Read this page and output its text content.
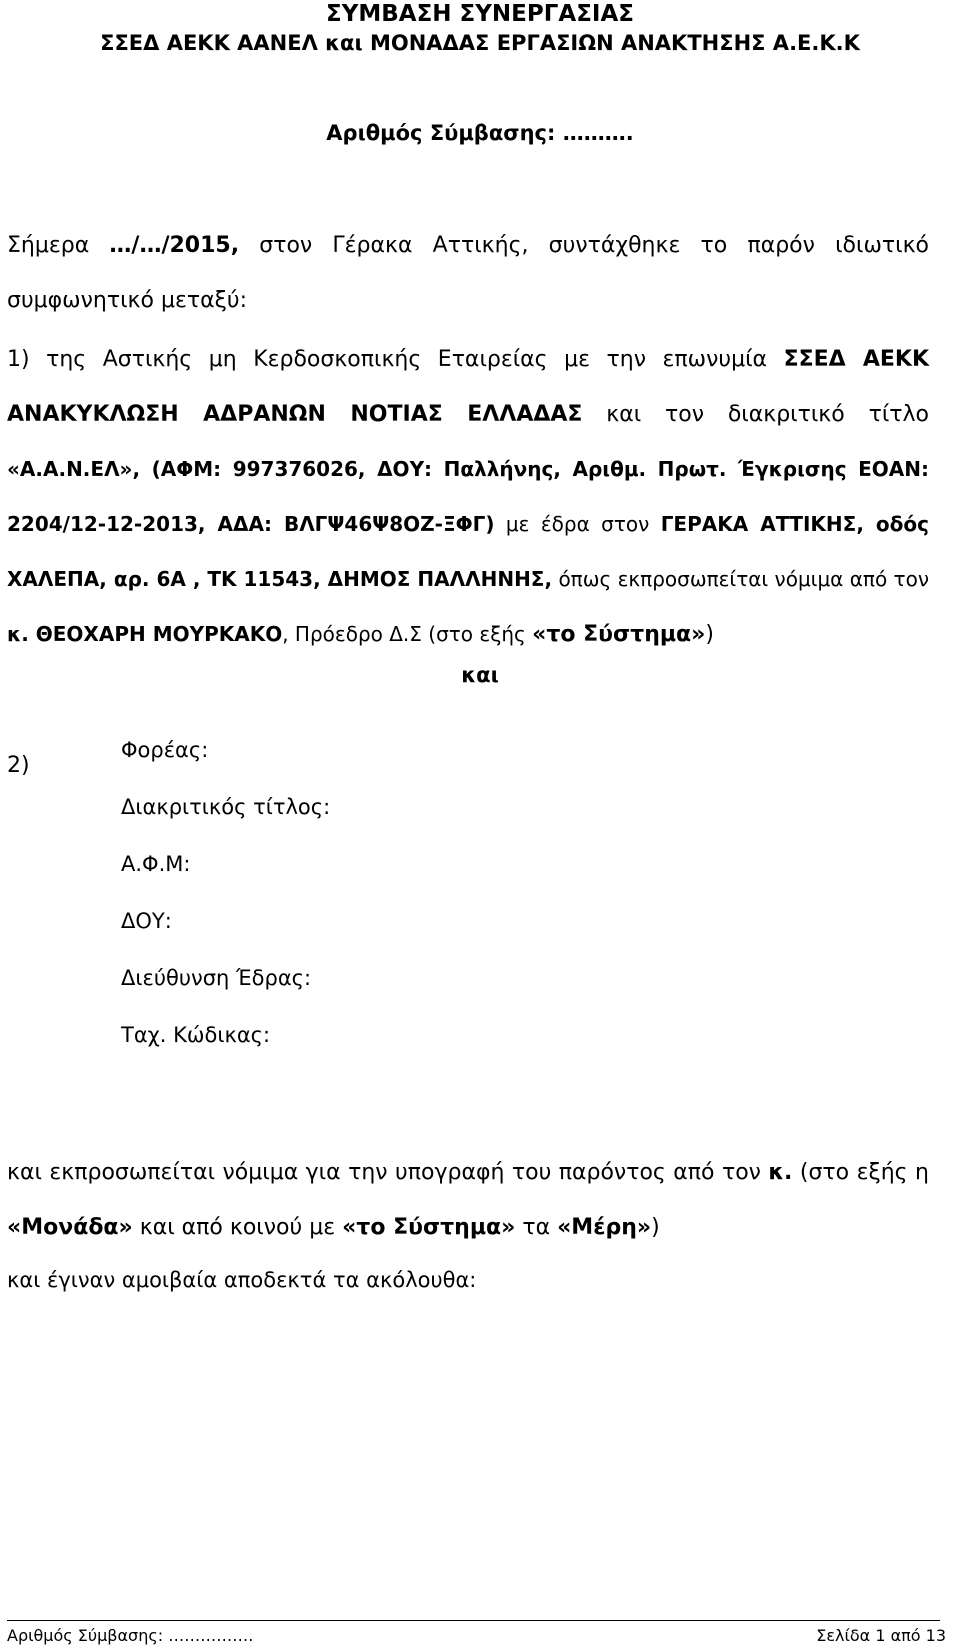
ΣΥΜΒΑΣΗ ΣΥΝΕΡΓΑΣΙΑΣ
ΣΣΕΔ ΑΕΚΚ ΑΑΝΕΛ και ΜΟΝΑΔΑΣ ΕΡΓΑΣΙΩΝ ΑΝΑΚΤΗΣΗΣ Α.Ε.Κ.Κ
Αριθμός Σύμβασης: ……….
Σήμερα …/…/2015, στον Γέρακα Αττικής, συντάχθηκε το παρόν ιδιωτικό συμφωνητικό μεταξύ:
1) της Αστικής μη Κερδοσκοπικής Εταιρείας με την επωνυμία ΣΣΕΔ ΑΕΚΚ ΑΝΑΚΥΚΛΩΣΗ ΑΔΡΑΝΩΝ ΝΟΤΙΑΣ ΕΛΛΑΔΑΣ και τον διακριτικό τίτλο «Α.Α.Ν.ΕΛ», (ΑΦΜ: 997376026, ΔΟΥ: Παλλήνης, Αριθμ. Πρωτ. Έγκρισης ΕΟΑΝ: 2204/12-12-2013, ΑΔΑ: ΒΛΓΨ46Ψ8ΟΖ-ΞΦΓ) με έδρα στον ΓΕΡΑΚΑ ΑΤΤΙΚΗΣ, οδός ΧΑΛΕΠΑ, αρ. 6Α , ΤΚ 11543, ΔΗΜΟΣ ΠΑΛΛΗΝΗΣ, όπως εκπροσωπείται νόμιμα από τον κ. ΘΕΟΧΑΡΗ ΜΟΥΡΚΑΚΟ, Πρόεδρο Δ.Σ (στο εξής «το Σύστημα»)
και
2)
Φορέας:
Διακριτικός τίτλος:
Α.Φ.Μ:
ΔΟΥ:
Διεύθυνση Έδρας:
Ταχ. Κώδικας:
και εκπροσωπείται νόμιμα για την υπογραφή του παρόντος από τον κ. (στο εξής η «Μονάδα» και από κοινού με «το Σύστημα» τα «Μέρη»)
και έγιναν αμοιβαία αποδεκτά τα ακόλουθα:
Αριθμός Σύμβασης: …………….	Σελίδα 1 από 13
